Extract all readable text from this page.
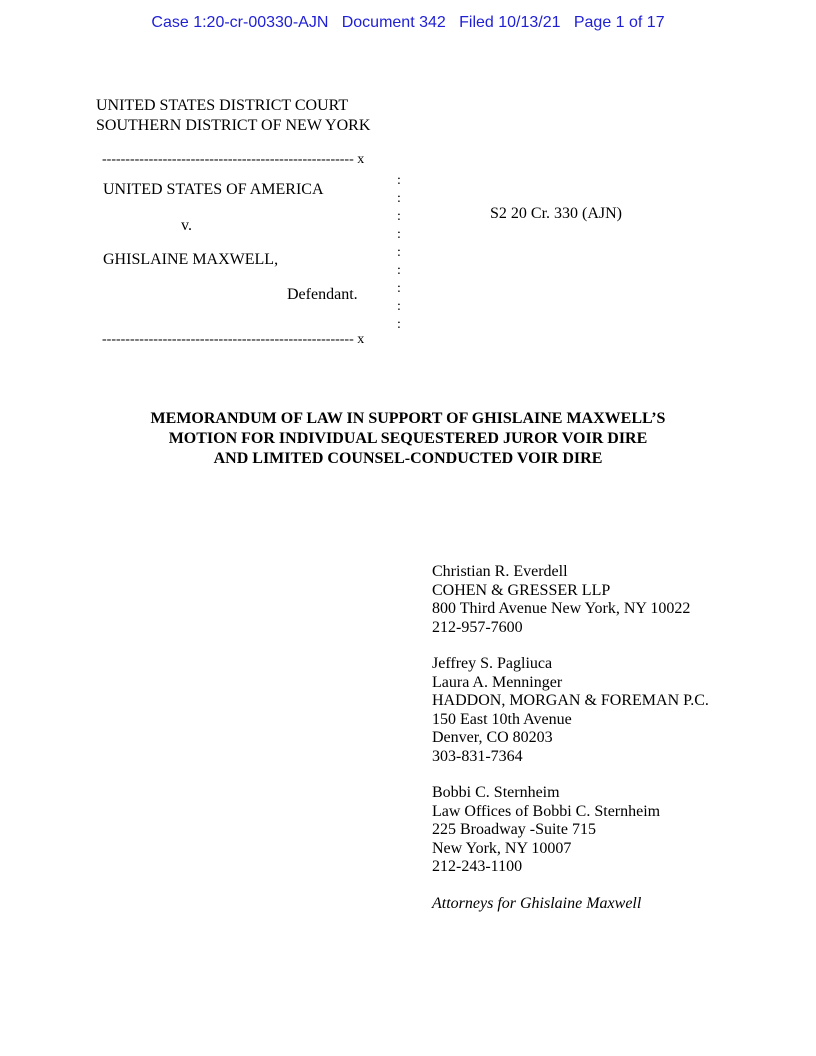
Case 1:20-cr-00330-AJN   Document 342   Filed 10/13/21   Page 1 of 17
UNITED STATES DISTRICT COURT
SOUTHERN DISTRICT OF NEW YORK
------------------------------------------------------ x
UNITED STATES OF AMERICA
v.
GHISLAINE MAXWELL,
Defendant.
:
:
:
:
:
:
:
:
:
------------------------------------------------------ x
S2 20 Cr. 330 (AJN)
MEMORANDUM OF LAW IN SUPPORT OF GHISLAINE MAXWELL’S
MOTION FOR INDIVIDUAL SEQUESTERED JUROR VOIR DIRE
AND LIMITED COUNSEL-CONDUCTED VOIR DIRE
Christian R. Everdell
COHEN & GRESSER LLP
800 Third Avenue New York, NY 10022
212-957-7600
Jeffrey S. Pagliuca
Laura A. Menninger
HADDON, MORGAN & FOREMAN P.C.
150 East 10th Avenue
Denver, CO 80203
303-831-7364
Bobbi C. Sternheim
Law Offices of Bobbi C. Sternheim
225 Broadway -Suite 715
New York, NY 10007
212-243-1100
Attorneys for Ghislaine Maxwell
